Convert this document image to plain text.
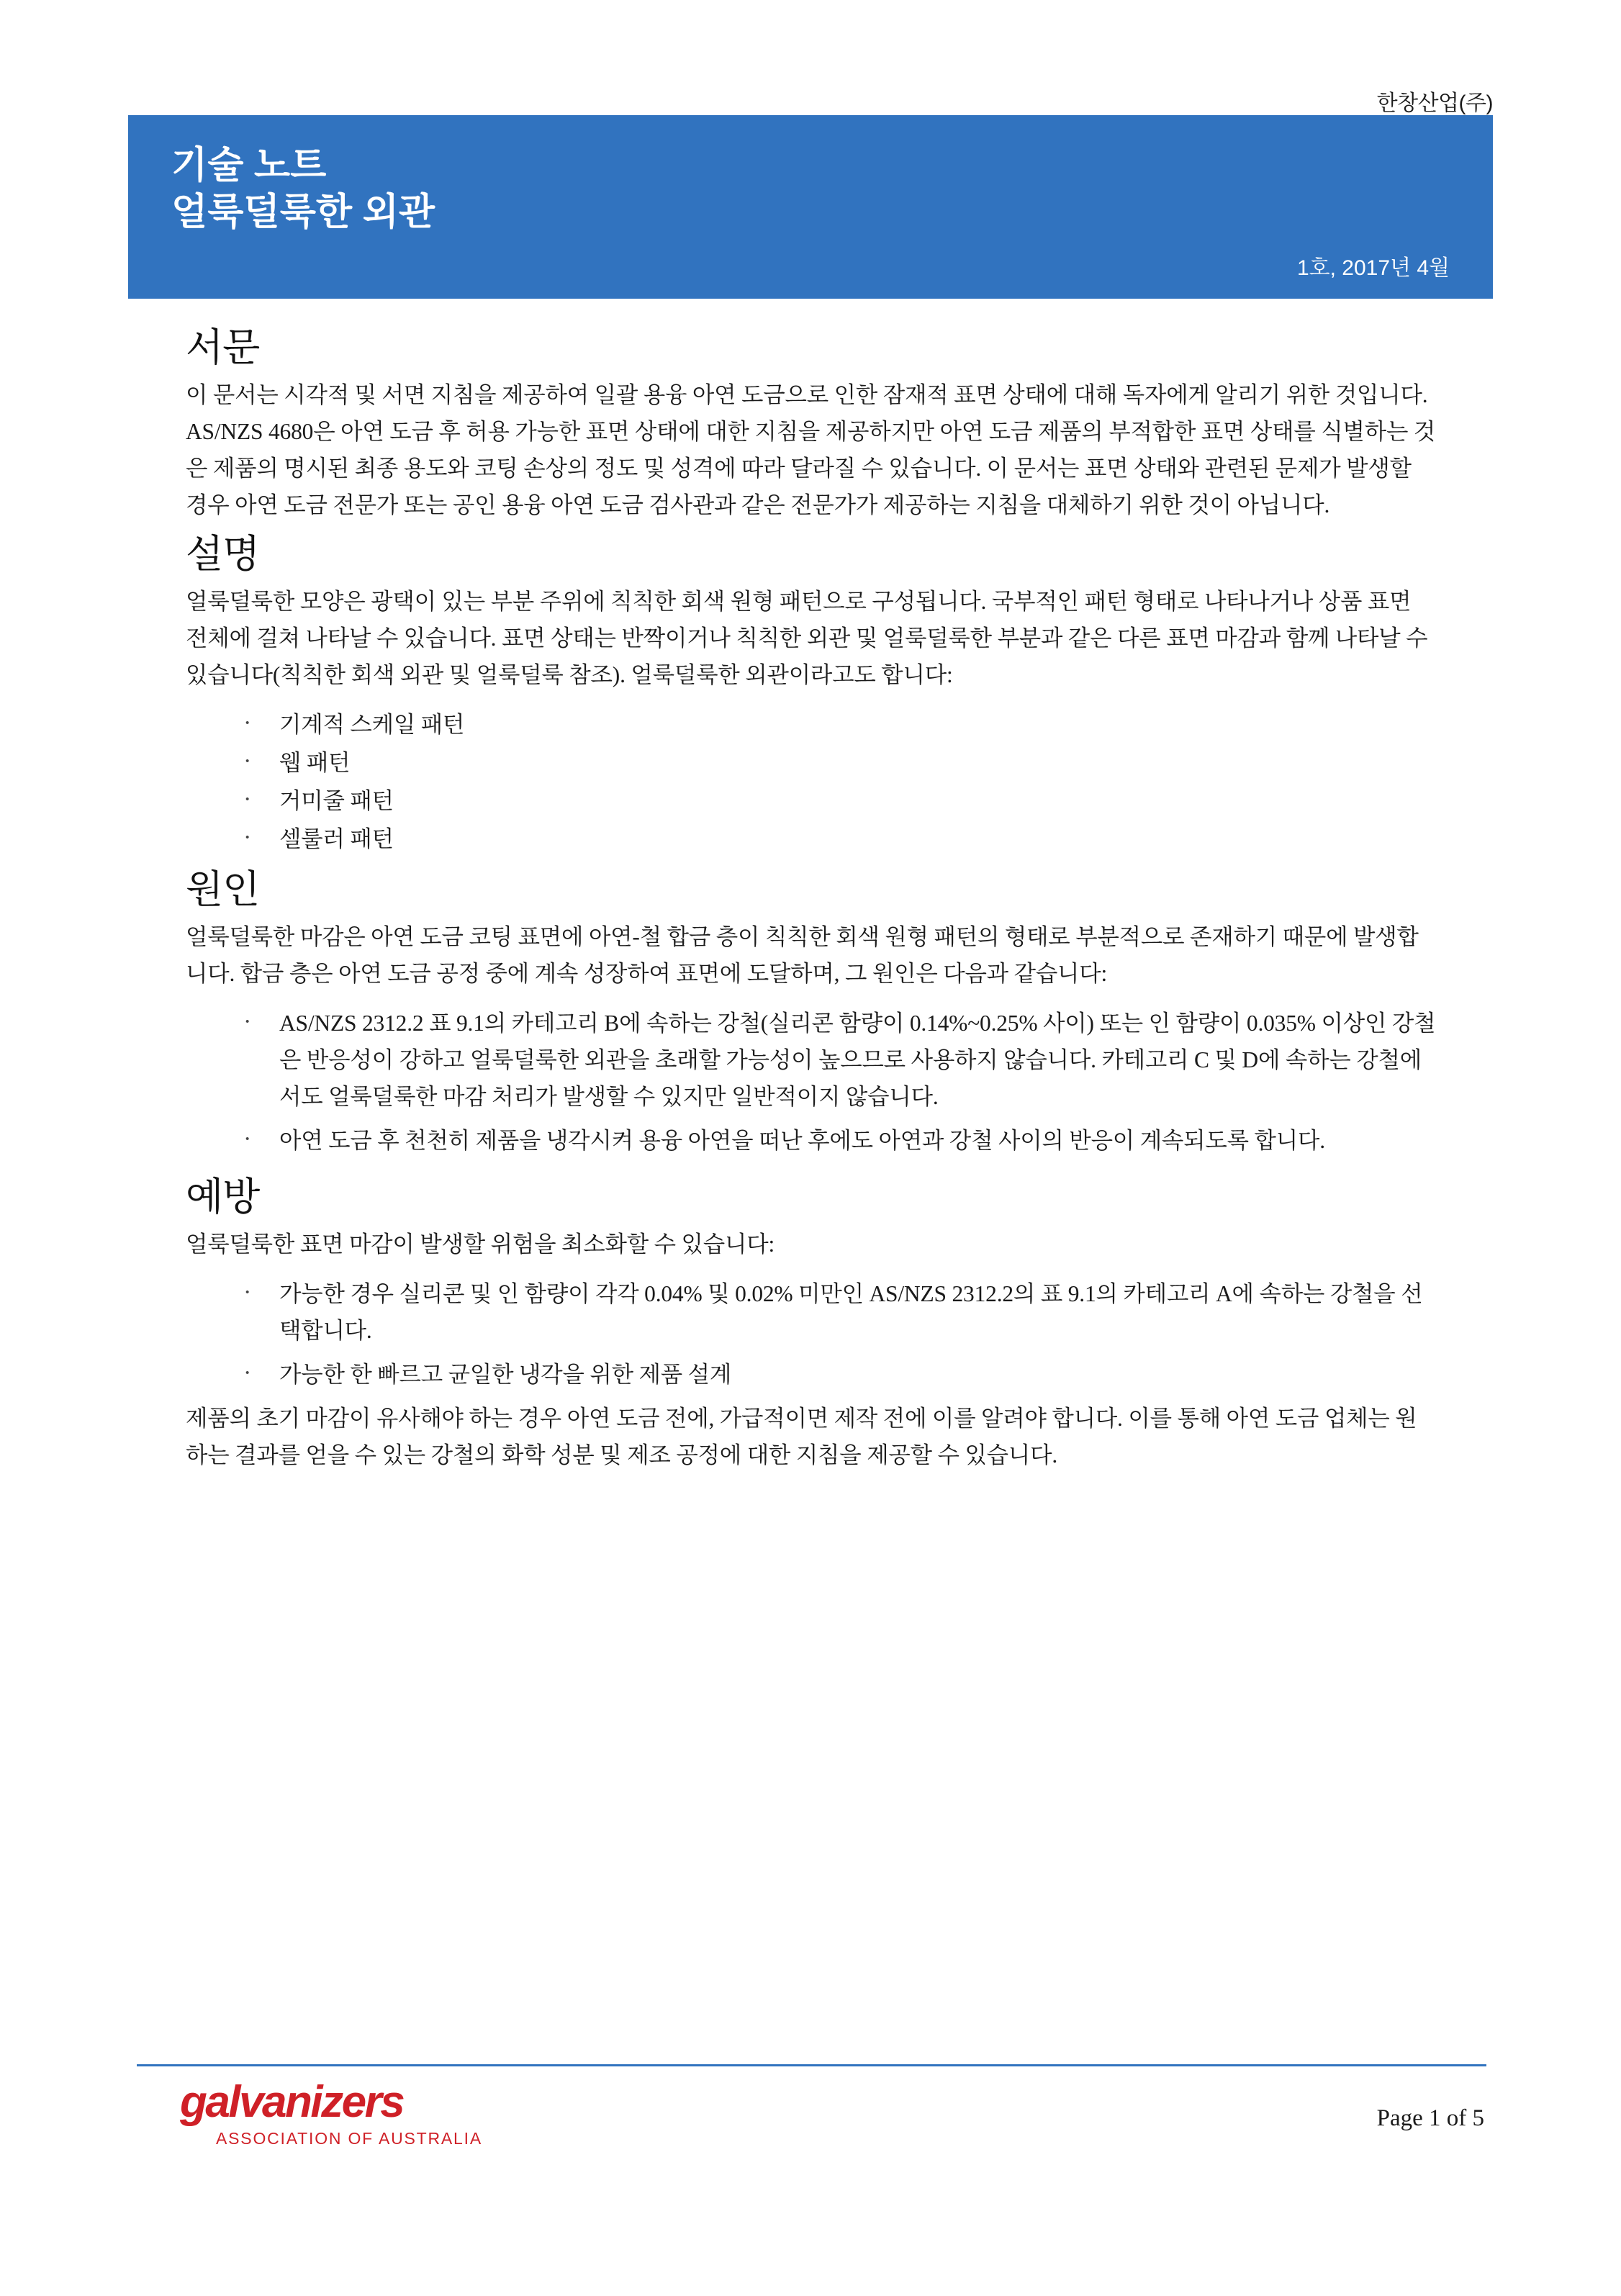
한창산업(주)
기술 노트
얼룩덜룩한 외관
1호, 2017년 4월
서문

이 문서는 시각적 및 서면 지침을 제공하여 일괄 용융 아연 도금으로 인한 잠재적 표면 상태에 대해 독자에게 알리기 위한 것입니다. AS/NZS 4680은 아연 도금 후 허용 가능한 표면 상태에 대한 지침을 제공하지만 아연 도금 제품의 부적합한 표면 상태를 식별하는 것은 제품의 명시된 최종 용도와 코팅 손상의 정도 및 성격에 따라 달라질 수 있습니다. 이 문서는 표면 상태와 관련된 문제가 발생할 경우 아연 도금 전문가 또는 공인 용융 아연 도금 검사관과 같은 전문가가 제공하는 지침을 대체하기 위한 것이 아닙니다.

설명

얼룩덜룩한 모양은 광택이 있는 부분 주위에 칙칙한 회색 원형 패턴으로 구성됩니다. 국부적인 패턴 형태로 나타나거나 상품 표면 전체에 걸쳐 나타날 수 있습니다. 표면 상태는 반짝이거나 칙칙한 외관 및 얼룩덜룩한 부분과 같은 다른 표면 마감과 함께 나타날 수 있습니다(칙칙한 회색 외관 및 얼룩덜룩 참조). 얼룩덜룩한 외관이라고도 합니다:

· 기계적 스케일 패턴
· 웹 패턴
· 거미줄 패턴
· 셀룰러 패턴
원인

얼룩덜룩한 마감은 아연 도금 코팅 표면에 아연-철 합금 층이 칙칙한 회색 원형 패턴의 형태로 부분적으로 존재하기 때문에 발생합니다. 합금 층은 아연 도금 공정 중에 계속 성장하여 표면에 도달하며, 그 원인은 다음과 같습니다:

· AS/NZS 2312.2 표 9.1의 카테고리 B에 속하는 강철(실리콘 함량이 0.14%~0.25% 사이) 또는 인 함량이 0.035% 이상인 강철은 반응성이 강하고 얼룩덜룩한 외관을 초래할 가능성이 높으므로 사용하지 않습니다. 카테고리 C 및 D에 속하는 강철에서도 얼룩덜룩한 마감 처리가 발생할 수 있지만 일반적이지 않습니다.
· 아연 도금 후 천천히 제품을 냉각시켜 용융 아연을 떠난 후에도 아연과 강철 사이의 반응이 계속되도록 합니다.
예방

얼룩덜룩한 표면 마감이 발생할 위험을 최소화할 수 있습니다:

· 가능한 경우 실리콘 및 인 함량이 각각 0.04% 및 0.02% 미만인 AS/NZS 2312.2의 표 9.1의 카테고리 A에 속하는 강철을 선택합니다.
· 가능한 한 빠르고 균일한 냉각을 위한 제품 설계

제품의 초기 마감이 유사해야 하는 경우 아연 도금 전에, 가급적이면 제작 전에 이를 알려야 합니다. 이를 통해 아연 도금 업체는 원하는 결과를 얻을 수 있는 강철의 화학 성분 및 제조 공정에 대한 지침을 제공할 수 있습니다.

galvanizers
ASSOCIATION OF AUSTRALIA
Page 1 of 5
